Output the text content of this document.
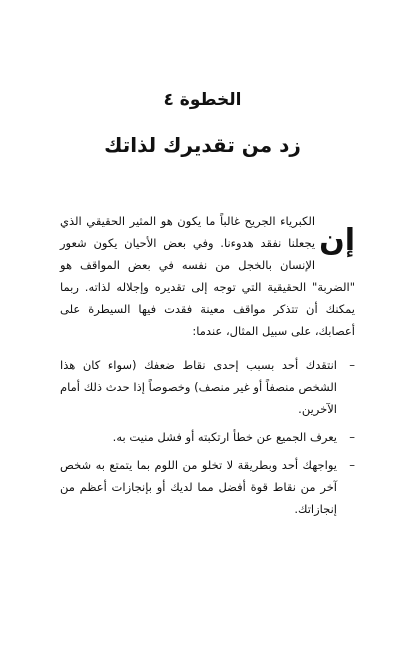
الخطوة ٤
زد من تقديرك لذاتك
إن

الكبرياء الجريح غالباً ما يكون هو المثير الحقيقي الذي يجعلنا نفقد هدوءنا. وفي بعض الأحيان يكون شعور الإنسان بالخجل من نفسه في بعض المواقف هو "الضربة" الحقيقية التي توجه إلى تقديره وإجلاله لذاته. ربما يمكنك أن تتذكر مواقف معينة فقدت فيها السيطرة على أعصابك، على سبيل المثال، عندما:

– انتقدك أحد بسبب إحدى نقاط ضعفك (سواء كان هذا الشخص منصفاً أو غير منصف) وخصوصاً إذا حدث ذلك أمام الآخرين.
– يعرف الجميع عن خطأ ارتكبته أو فشل منيت به.
– يواجهك أحد وبطريقة لا تخلو من اللوم بما يتمتع به شخص آخر من نقاط قوة أفضل مما لديك أو بإنجازات أعظم من إنجازاتك.
